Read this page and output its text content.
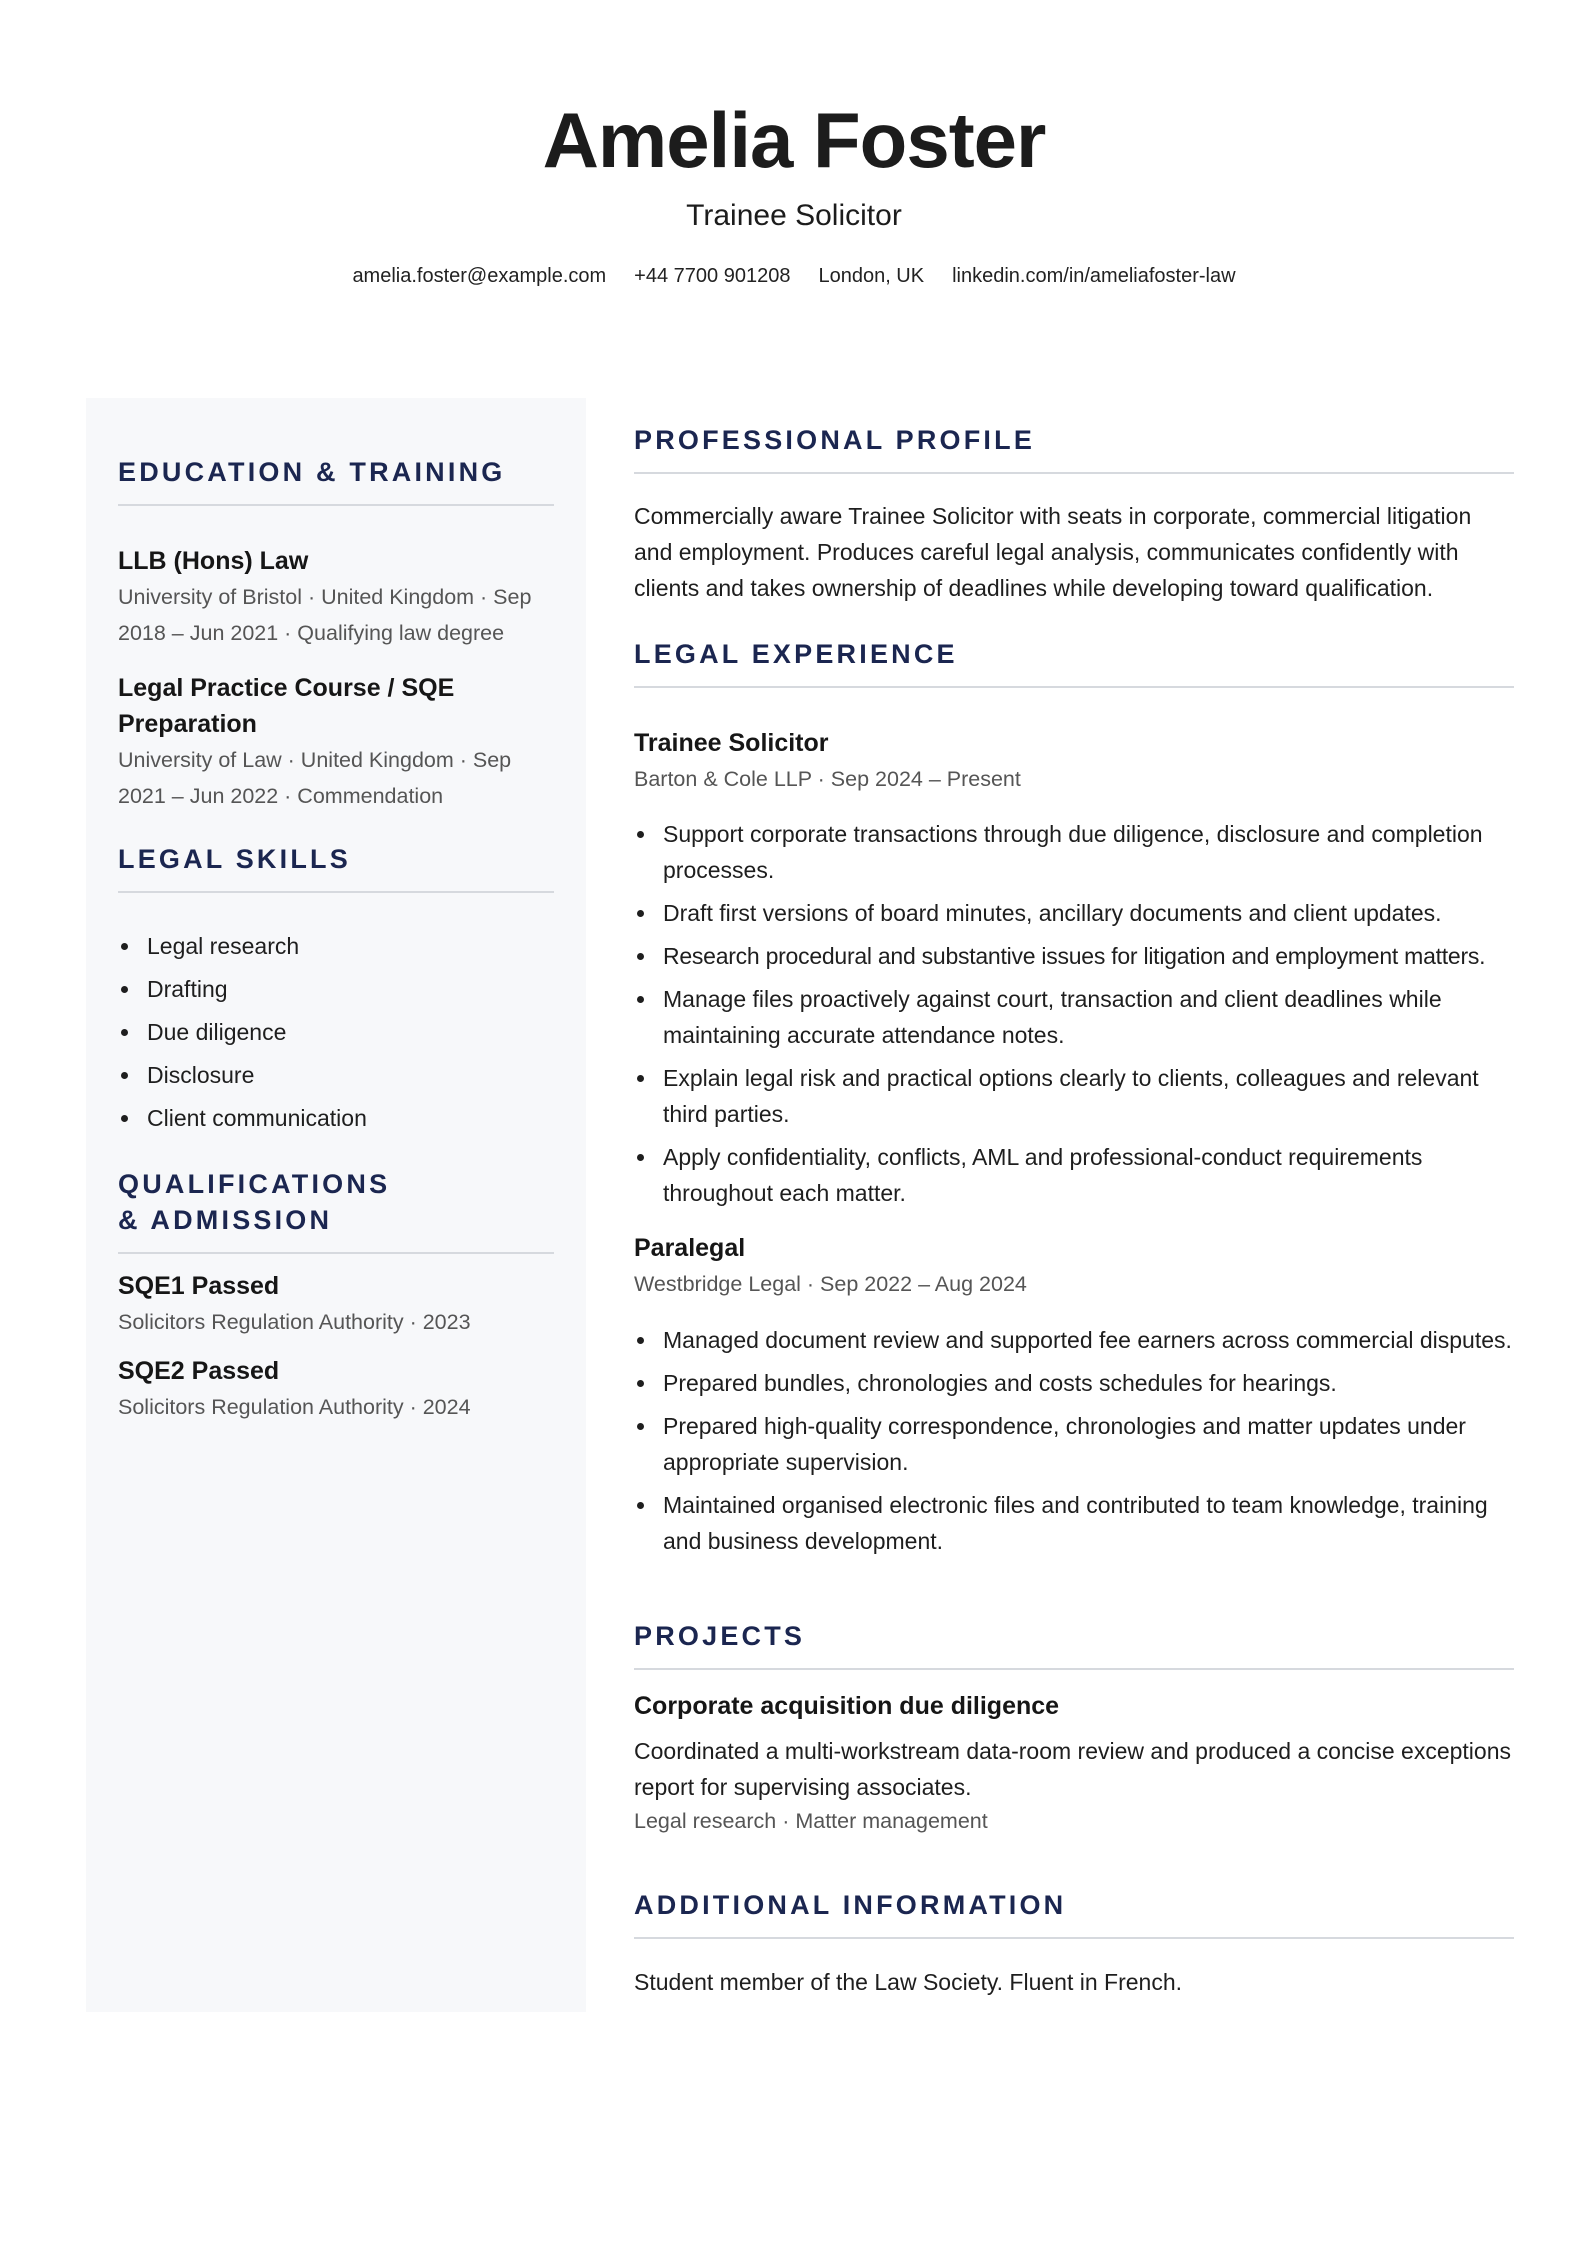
Amelia Foster
Trainee Solicitor
amelia.foster@example.com +44 7700 901208 London, UK linkedin.com/in/ameliafoster-law
EDUCATION & TRAINING
LLB (Hons) Law
University of Bristol · United Kingdom · Sep 2018 – Jun 2021 · Qualifying law degree
Legal Practice Course / SQE Preparation
University of Law · United Kingdom · Sep 2021 – Jun 2022 · Commendation
LEGAL SKILLS
Legal research
Drafting
Due diligence
Disclosure
Client communication
QUALIFICATIONS & ADMISSION
SQE1 Passed
Solicitors Regulation Authority · 2023
SQE2 Passed
Solicitors Regulation Authority · 2024
PROFESSIONAL PROFILE
Commercially aware Trainee Solicitor with seats in corporate, commercial litigation and employment. Produces careful legal analysis, communicates confidently with clients and takes ownership of deadlines while developing toward qualification.
LEGAL EXPERIENCE
Trainee Solicitor
Barton & Cole LLP · Sep 2024 – Present
Support corporate transactions through due diligence, disclosure and completion processes.
Draft first versions of board minutes, ancillary documents and client updates.
Research procedural and substantive issues for litigation and employment matters.
Manage files proactively against court, transaction and client deadlines while maintaining accurate attendance notes.
Explain legal risk and practical options clearly to clients, colleagues and relevant third parties.
Apply confidentiality, conflicts, AML and professional-conduct requirements throughout each matter.
Paralegal
Westbridge Legal · Sep 2022 – Aug 2024
Managed document review and supported fee earners across commercial disputes.
Prepared bundles, chronologies and costs schedules for hearings.
Prepared high-quality correspondence, chronologies and matter updates under appropriate supervision.
Maintained organised electronic files and contributed to team knowledge, training and business development.
PROJECTS
Corporate acquisition due diligence
Coordinated a multi-workstream data-room review and produced a concise exceptions report for supervising associates.
Legal research · Matter management
ADDITIONAL INFORMATION
Student member of the Law Society. Fluent in French.
